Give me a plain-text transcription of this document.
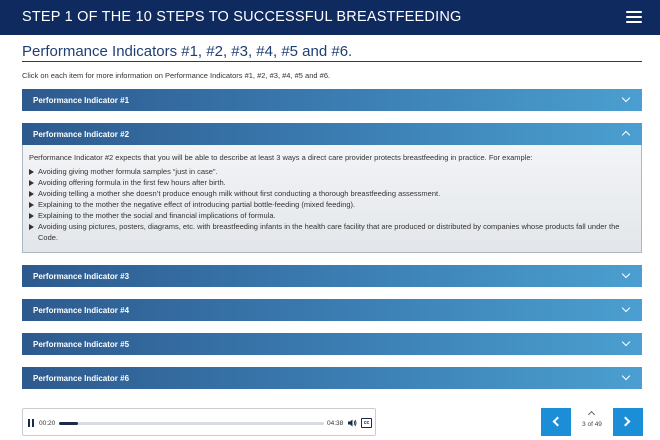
STEP 1 OF THE 10 STEPS TO SUCCESSFUL BREASTFEEDING
Performance Indicators #1, #2, #3, #4, #5 and #6.
Click on each item for more information on Performance Indicators #1, #2, #3, #4, #5 and #6.
Performance Indicator #1
Performance Indicator #2
Performance Indicator #2 expects that you will be able to describe at least 3 ways a direct care provider protects breastfeeding in practice. For example:
Avoiding giving mother formula samples “just in case”.
Avoiding offering formula in the first few hours after birth.
Avoiding telling a mother she doesn’t produce enough milk without first conducting a thorough breastfeeding assessment.
Explaining to the mother the negative effect of introducing partial bottle-feeding (mixed feeding).
Explaining to the mother the social and financial implications of formula.
Avoiding using pictures, posters, diagrams, etc. with breastfeeding infants in the health care facility that are produced or distributed by companies whose products fall under the Code.
Performance Indicator #3
Performance Indicator #4
Performance Indicator #5
Performance Indicator #6
00:20	04:38	cc	3 of 49
